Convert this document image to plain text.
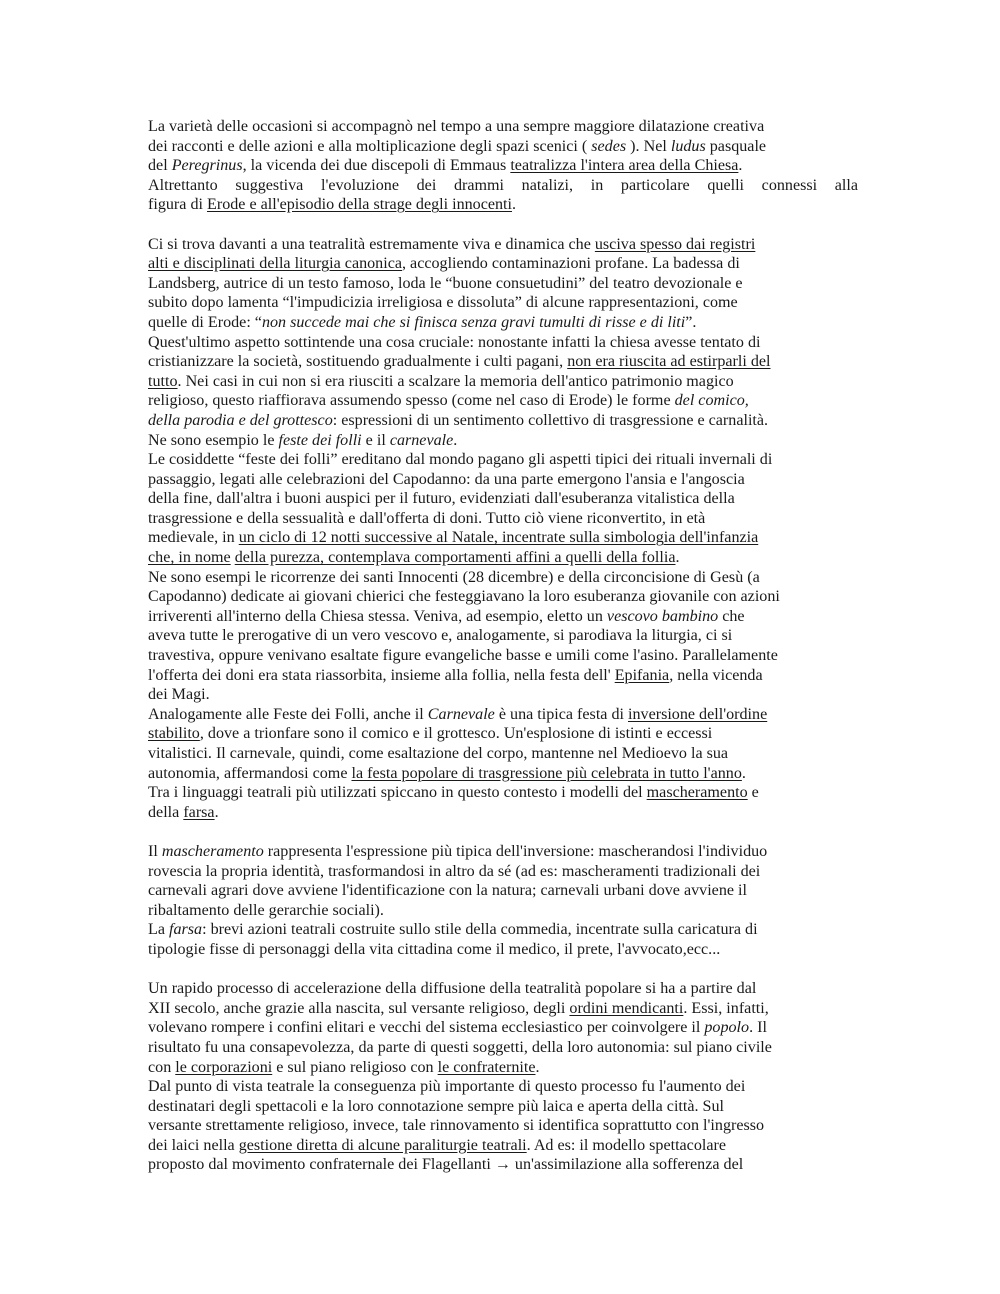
La varietà delle occasioni si accompagnò nel tempo a una sempre maggiore dilatazione creativa
dei racconti e delle azioni e alla moltiplicazione degli spazi scenici ( sedes ). Nel ludus pasquale
del Peregrinus, la vicenda dei due discepoli di Emmaus teatralizza l'intera area della Chiesa.
Altrettanto suggestiva l'evoluzione dei drammi natalizi, in particolare quelli connessi alla
figura di Erode e all'episodio della strage degli innocenti.
Ci si trova davanti a una teatralità estremamente viva e dinamica che usciva spesso dai registri
alti e disciplinati della liturgia canonica, accogliendo contaminazioni profane. La badessa di
Landsberg, autrice di un testo famoso, loda le “buone consuetudini” del teatro devozionale e
subito dopo lamenta “l'impudicizia irreligiosa e dissoluta” di alcune rappresentazioni, come
quelle di Erode: “non succede mai che si finisca senza gravi tumulti di risse e di liti”.
Quest'ultimo aspetto sottintende una cosa cruciale: nonostante infatti la chiesa avesse tentato di
cristianizzare la società, sostituendo gradualmente i culti pagani, non era riuscita ad estirparli del
tutto. Nei casi in cui non si era riusciti a scalzare la memoria dell'antico patrimonio magico
religioso, questo riaffiorava assumendo spesso (come nel caso di Erode) le forme del comico,
della parodia e del grottesco: espressioni di un sentimento collettivo di trasgressione e carnalità.
Ne sono esempio le feste dei folli e il carnevale.
Le cosiddette “feste dei folli” ereditano dal mondo pagano gli aspetti tipici dei rituali invernali di
passaggio, legati alle celebrazioni del Capodanno: da una parte emergono l'ansia e l'angoscia
della fine, dall'altra i buoni auspici per il futuro, evidenziati dall'esuberanza vitalistica della
trasgressione e della sessualità e dall'offerta di doni. Tutto ciò viene riconvertito, in età
medievale, in un ciclo di 12 notti successive al Natale, incentrate sulla simbologia dell'infanzia
che, in nome della purezza, contemplava comportamenti affini a quelli della follia.
Ne sono esempi le ricorrenze dei santi Innocenti (28 dicembre) e della circoncisione di Gesù (a
Capodanno) dedicate ai giovani chierici che festeggiavano la loro esuberanza giovanile con azioni
irriverenti all'interno della Chiesa stessa. Veniva, ad esempio, eletto un vescovo bambino che
aveva tutte le prerogative di un vero vescovo e, analogamente, si parodiava la liturgia, ci si
travestiva, oppure venivano esaltate figure evangeliche basse e umili come l'asino. Parallelamente
l'offerta dei doni era stata riassorbita, insieme alla follia, nella festa dell' Epifania, nella vicenda
dei Magi.
Analogamente alle Feste dei Folli, anche il Carnevale è una tipica festa di inversione dell'ordine
stabilito, dove a trionfare sono il comico e il grottesco. Un'esplosione di istinti e eccessi
vitalistici. Il carnevale, quindi, come esaltazione del corpo, mantenne nel Medioevo la sua
autonomia, affermandosi come la festa popolare di trasgressione più celebrata in tutto l'anno.
Tra i linguaggi teatrali più utilizzati spiccano in questo contesto i modelli del mascheramento e
della farsa.
Il mascheramento rappresenta l'espressione più tipica dell'inversione: mascherandosi l'individuo
rovescia la propria identità, trasformandosi in altro da sé (ad es: mascheramenti tradizionali dei
carnevali agrari dove avviene l'identificazione con la natura; carnevali urbani dove avviene il
ribaltamento delle gerarchie sociali).
La farsa: brevi azioni teatrali costruite sullo stile della commedia, incentrate sulla caricatura di
tipologie fisse di personaggi della vita cittadina come il medico, il prete, l'avvocato,ecc...
Un rapido processo di accelerazione della diffusione della teatralità popolare si ha a partire dal
XII secolo, anche grazie alla nascita, sul versante religioso, degli ordini mendicanti. Essi, infatti,
volevano rompere i confini elitari e vecchi del sistema ecclesiastico per coinvolgere il popolo. Il
risultato fu una consapevolezza, da parte di questi soggetti, della loro autonomia: sul piano civile
con le corporazioni e sul piano religioso con le confraternite.
Dal punto di vista teatrale la conseguenza più importante di questo processo fu l'aumento dei
destinatari degli spettacoli e la loro connotazione sempre più laica e aperta della città. Sul
versante strettamente religioso, invece, tale rinnovamento si identifica soprattutto con l'ingresso
dei laici nella gestione diretta di alcune paraliturgie teatrali. Ad es: il modello spettacolare
proposto dal movimento confraternale dei Flagellanti → un'assimilazione alla sofferenza del
